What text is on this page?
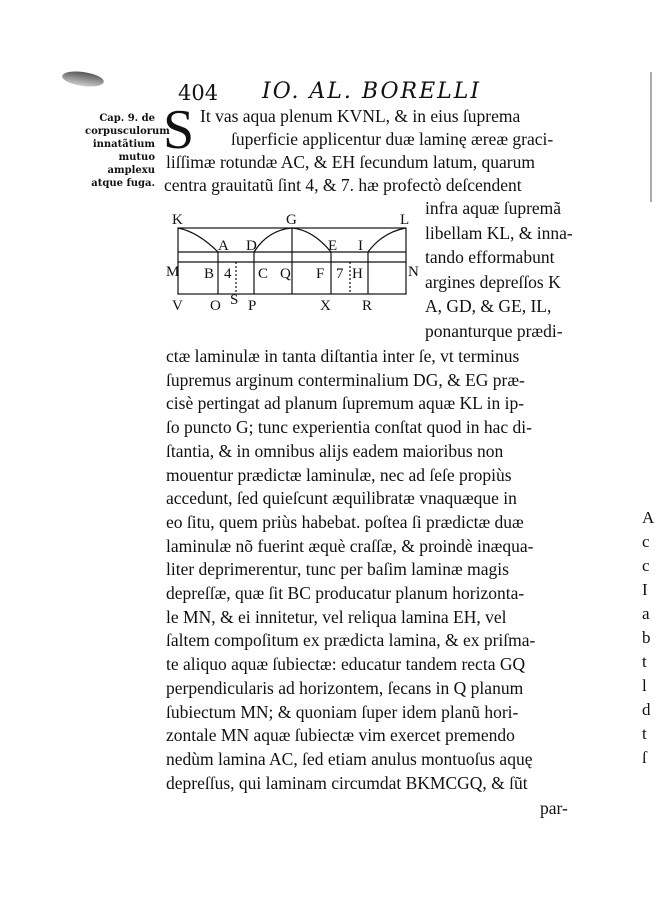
404 IO. AL. BORELLI
Cap. 9. de corpusculorum innatãtium mutuo amplexu atque fuga.
S
K	G	L
A D	E I
M	N
B 4 C Q F 7 H
V O S P	X R
par-
It vas aqua plenum KVNL, & in eius ſuprema
ſuperficie applicentur duæ laminę æreæ graci-
liſſimæ rotundæ AC, & EH ſecundum latum, quarum
centra grauitatũ ſint 4, & 7. hæ profectò deſcendent
infra aquæ ſupremã
libellam KL, & inna-
tando efformabunt
argines depreſſos K
A, GD, & GE, IL,
ponanturque prædi-
ctæ laminulæ in tanta diſtantia inter ſe, vt terminus
ſupremus arginum conterminalium DG, & EG præ-
cisè pertingat ad planum ſupremum aquæ KL in ip-
ſo puncto G; tunc experientia conſtat quod in hac di-
ſtantia, & in omnibus alijs eadem maioribus non
mouentur prædictæ laminulæ, nec ad ſeſe propiùs
accedunt, ſed quieſcunt æquilibratæ vnaquæque in
eo ſitu, quem priùs habebat. poſtea ſi prædictæ duæ
laminulæ nõ fuerint æquè craſſæ, & proindè inæqua-
liter deprimerentur, tunc per baſim laminæ magis
depreſſæ, quæ ſit BC producatur planum horizonta-
le MN, & ei innitetur, vel reliqua lamina EH, vel
ſaltem compoſitum ex prædicta lamina, & ex priſma-
te aliquo aquæ ſubiectæ: educatur tandem recta GQ
perpendicularis ad horizontem, ſecans in Q planum
ſubiectum MN; & quoniam ſuper idem planũ hori-
zontale MN aquæ ſubiectæ vim exercet premendo
nedùm lamina AC, ſed etiam anulus montuoſus aquę
depreſſus, qui laminam circumdat BKMCGQ, & ſũt
A
c
c
I
a
b
t
l
d
t
ſ
